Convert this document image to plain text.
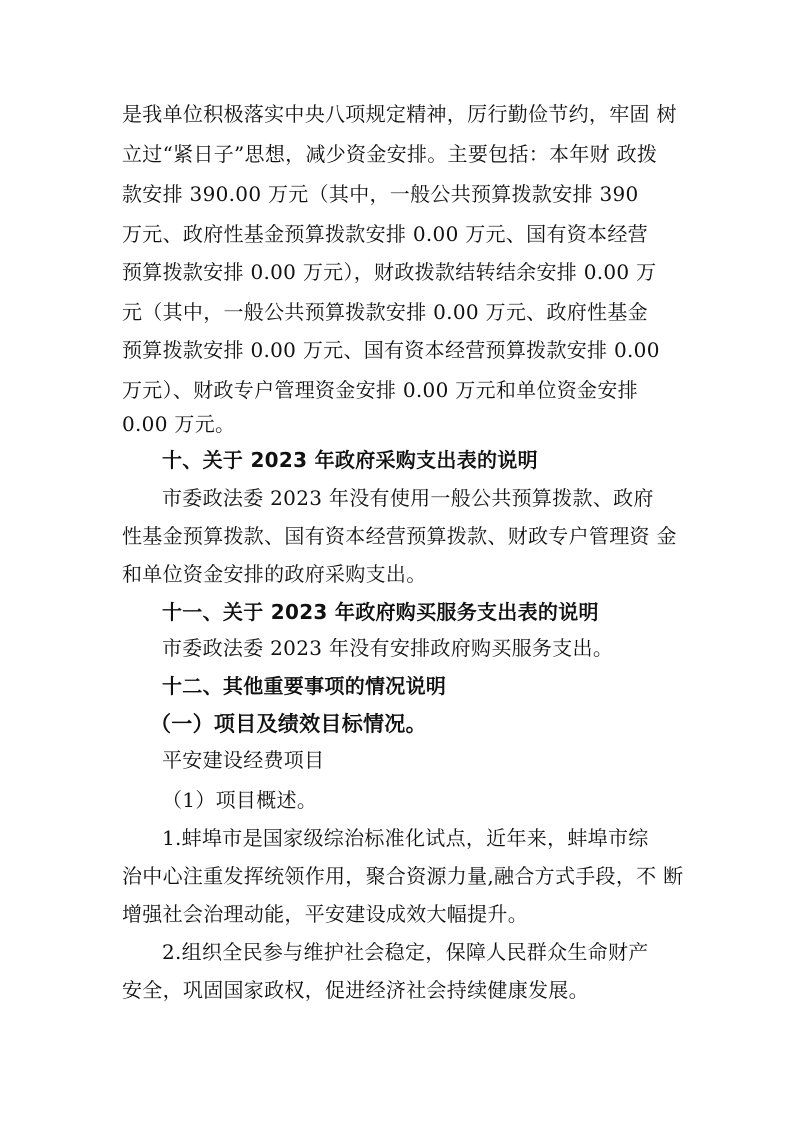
是我单位积极落实中央八项规定精神，厉行勤俭节约，牢固 树

立过“紧日子”思想，减少资金安排。主要包括：本年财 政拨

款安排 390.00 万元（其中，一般公共预算拨款安排 390

万元、政府性基金预算拨款安排 0.00 万元、国有资本经营

预算拨款安排 0.00 万元），财政拨款结转结余安排 0.00 万

元（其中，一般公共预算拨款安排 0.00 万元、政府性基金

预算拨款安排 0.00 万元、国有资本经营预算拨款安排 0.00

万元）、财政专户管理资金安排 0.00 万元和单位资金安排

0.00 万元。

十、关于 2023 年政府采购支出表的说明

市委政法委 2023 年没有使用一般公共预算拨款、政府

性基金预算拨款、国有资本经营预算拨款、财政专户管理资 金

和单位资金安排的政府采购支出。

十一、关于 2023 年政府购买服务支出表的说明

市委政法委 2023 年没有安排政府购买服务支出。

十二、其他重要事项的情况说明

（一）项目及绩效目标情况。

平安建设经费项目

（1）项目概述。

1.蚌埠市是国家级综治标准化试点，近年来，蚌埠市综

治中心注重发挥统领作用，聚合资源力量,融合方式手段，不 断

增强社会治理动能，平安建设成效大幅提升。

2.组织全民参与维护社会稳定，保障人民群众生命财产

安全，巩固国家政权，促进经济社会持续健康发展。
